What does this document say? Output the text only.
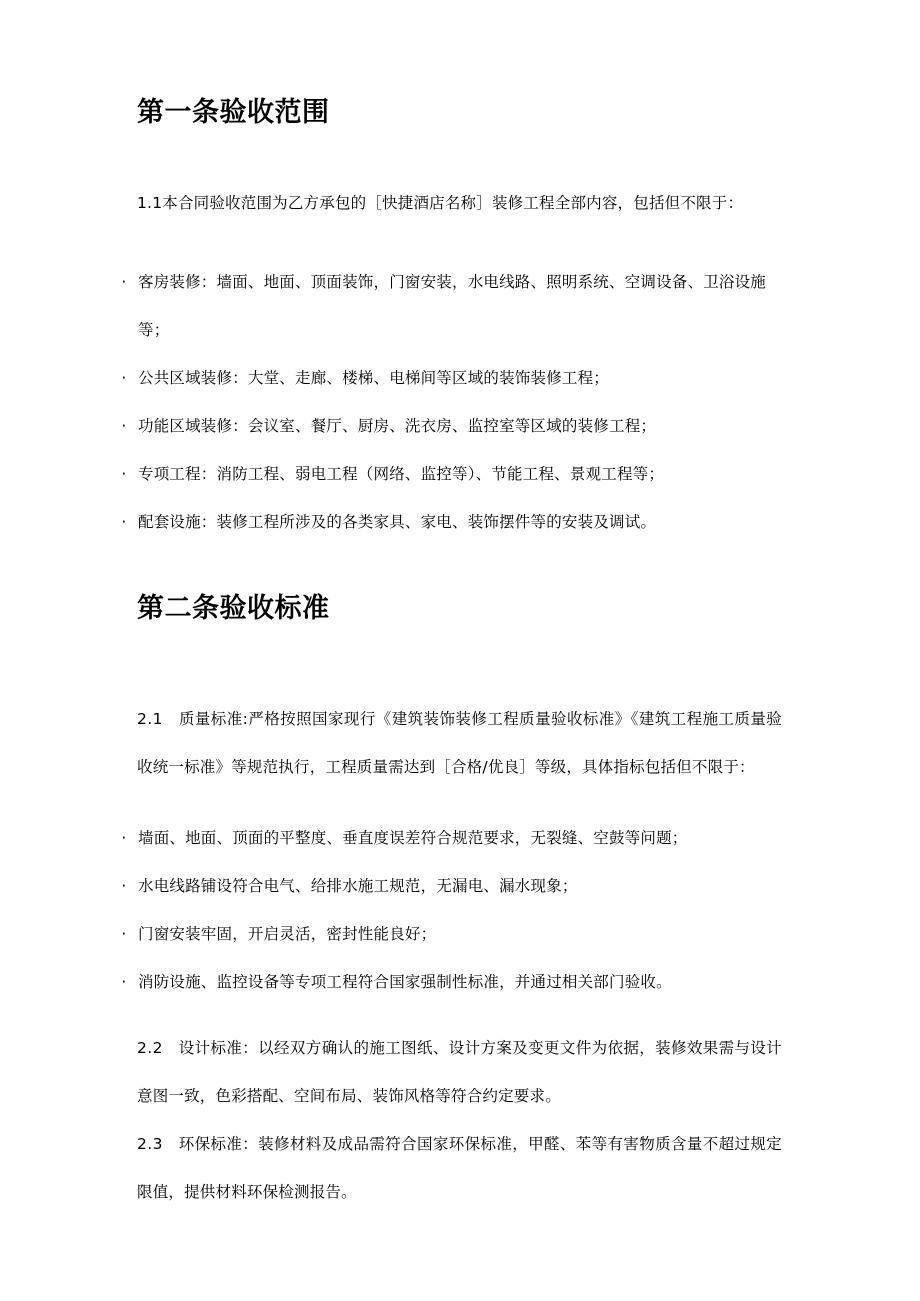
第一条验收范围

1.1本合同验收范围为乙方承包的［快捷酒店名称］装修工程全部内容，包括但不限于：

· 客房装修：墙面、地面、顶面装饰，门窗安装，水电线路、照明系统、空调设备、卫浴设施等；
· 公共区域装修：大堂、走廊、楼梯、电梯间等区域的装饰装修工程；
· 功能区域装修：会议室、餐厅、厨房、洗衣房、监控室等区域的装修工程；
· 专项工程：消防工程、弱电工程（网络、监控等）、节能工程、景观工程等；
· 配套设施：装修工程所涉及的各类家具、家电、装饰摆件等的安装及调试。
第二条验收标准

2.1 质量标准:严格按照国家现行《建筑装饰装修工程质量验收标准》《建筑工程施工质量验收统一标准》等规范执行，工程质量需达到［合格/优良］等级，具体指标包括但不限于：

· 墙面、地面、顶面的平整度、垂直度误差符合规范要求，无裂缝、空鼓等问题；
· 水电线路铺设符合电气、给排水施工规范，无漏电、漏水现象；
· 门窗安装牢固，开启灵活，密封性能良好；
· 消防设施、监控设备等专项工程符合国家强制性标准，并通过相关部门验收。

2.2 设计标准：以经双方确认的施工图纸、设计方案及变更文件为依据，装修效果需与设计意图一致，色彩搭配、空间布局、装饰风格等符合约定要求。

2.3 环保标准：装修材料及成品需符合国家环保标准，甲醛、苯等有害物质含量不超过规定限值，提供材料环保检测报告。
